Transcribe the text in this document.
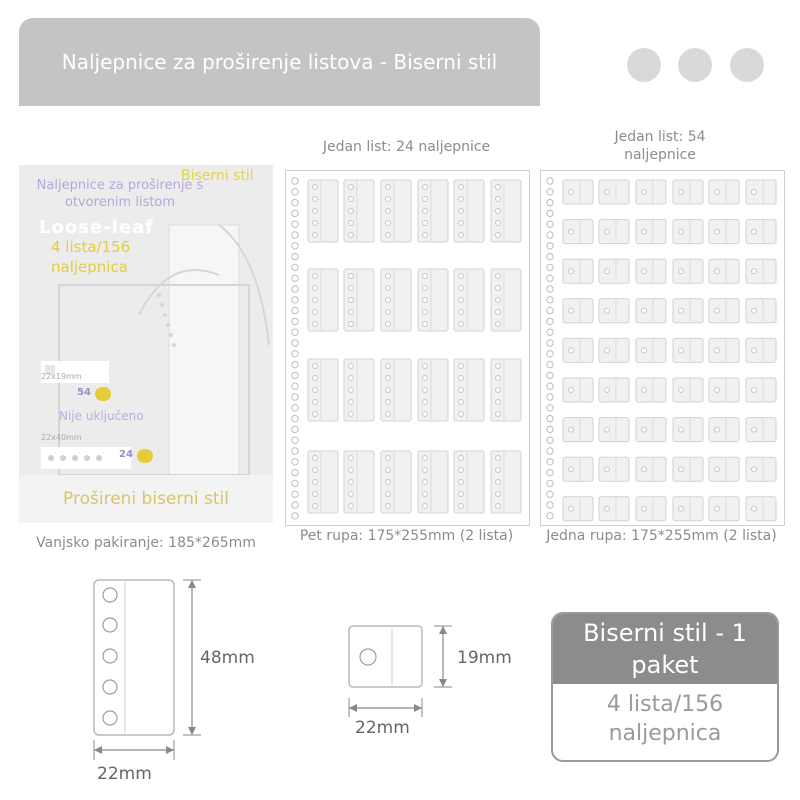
Naljepnice za proširenje listova - Biserni stil
Naljepnice za proširenje s otvorenim listom
Biserni stil
Loose-leaf
4 lista/156 naljepnica
22x19mm
54
Nije uključeno
22x40mm
24
Prošireni biserni stil
Vanjsko pakiranje: 185*265mm
Jedan list: 24 naljepnice
Pet rupa: 175*255mm (2 lista)
Jedan list: 54 naljepnice
Jedna rupa: 175*255mm (2 lista)
48mm
22mm
19mm
22mm
Biserni stil - 1 paket
4 lista/156 naljepnica
